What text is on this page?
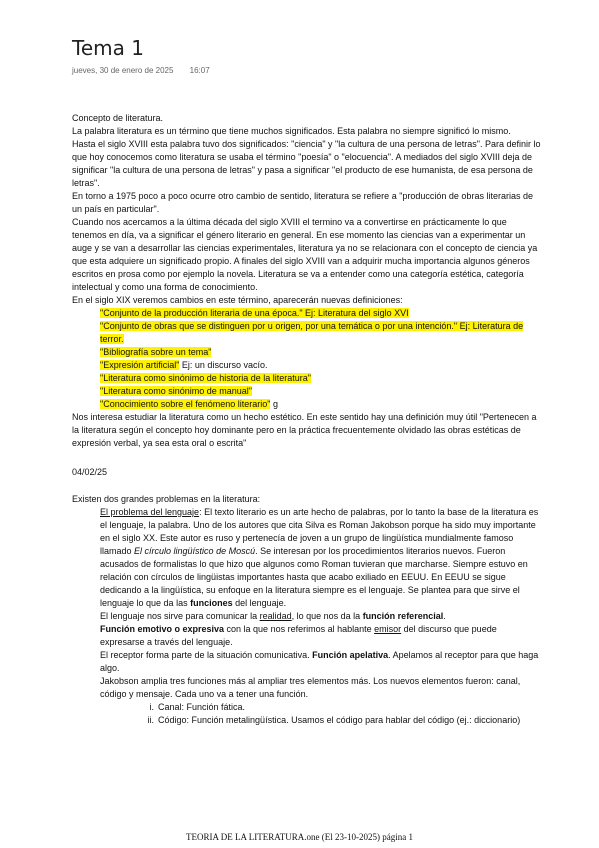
Tema 1
jueves, 30 de enero de 2025 16:07

Concepto de literatura.

La palabra literatura es un término que tiene muchos significados. Esta palabra no siempre significó lo mismo.

Hasta el siglo XVIII esta palabra tuvo dos significados: "ciencia" y "la cultura de una persona de letras". Para definir lo que hoy conocemos como literatura se usaba el término "poesía" o "elocuencia". A mediados del siglo XVIII deja de significar "la cultura de una persona de letras" y pasa a significar "el producto de ese humanista, de esa persona de letras".

En torno a 1975 poco a poco ocurre otro cambio de sentido, literatura se refiere a "producción de obras literarias de un país en particular".

Cuando nos acercamos a la última década del siglo XVIII el termino va a convertirse en prácticamente lo que tenemos en día, va a significar el género literario en general. En ese momento las ciencias van a experimentar un auge y se van a desarrollar las ciencias experimentales, literatura ya no se relacionara con el concepto de ciencia ya que esta adquiere un significado propio. A finales del siglo XVIII van a adquirir mucha importancia algunos géneros escritos en prosa como por ejemplo la novela. Literatura se va a entender como una categoría estética, categoría intelectual y como una forma de conocimiento.

En el siglo XIX veremos cambios en este término, aparecerán nuevas definiciones:

"Conjunto de la producción literaria de una época." Ej: Literatura del siglo XVI
"Conjunto de obras que se distinguen por u origen, por una temática o por una intención." Ej: Literatura de terror.
"Bibliografía sobre un tema"
"Expresión artificial" Ej: un discurso vacío.
"Literatura como sinónimo de historia de la literatura"
"Literatura como sinónimo de manual"
"Conocimiento sobre el fenómeno literario" g

Nos interesa estudiar la literatura como un hecho estético. En este sentido hay una definición muy útil "Pertenecen a la literatura según el concepto hoy dominante pero en la práctica frecuentemente olvidado las obras estéticas de expresión verbal, ya sea esta oral o escrita"

04/02/25

Existen dos grandes problemas en la literatura:

El problema del lenguaje: El texto literario es un arte hecho de palabras, por lo tanto la base de la literatura es el lenguaje, la palabra. Uno de los autores que cita Silva es Roman Jakobson porque ha sido muy importante en el siglo XX. Este autor es ruso y pertenecía de joven a un grupo de lingüística mundialmente famoso llamado El círculo lingüístico de Moscú. Se interesan por los procedimientos literarios nuevos. Fueron acusados de formalistas lo que hizo que algunos como Roman tuvieran que marcharse. Siempre estuvo en relación con círculos de lingüistas importantes hasta que acabo exiliado en EEUU. En EEUU se sigue dedicando a la lingüística, su enfoque en la literatura siempre es el lenguaje. Se plantea para que sirve el lenguaje lo que da las funciones del lenguaje.

El lenguaje nos sirve para comunicar la realidad, lo que nos da la función referencial.

Función emotivo o expresiva con la que nos referimos al hablante emisor del discurso que puede expresarse a través del lenguaje.

El receptor forma parte de la situación comunicativa. Función apelativa. Apelamos al receptor para que haga algo.

Jakobson amplia tres funciones más al ampliar tres elementos más. Los nuevos elementos fueron: canal, código y mensaje. Cada uno va a tener una función.

i. Canal: Función fática.
ii. Código: Función metalingüística. Usamos el código para hablar del código (ej.: diccionario)
TEORIA DE LA LITERATURA.one (El 23-10-2025) página 1
